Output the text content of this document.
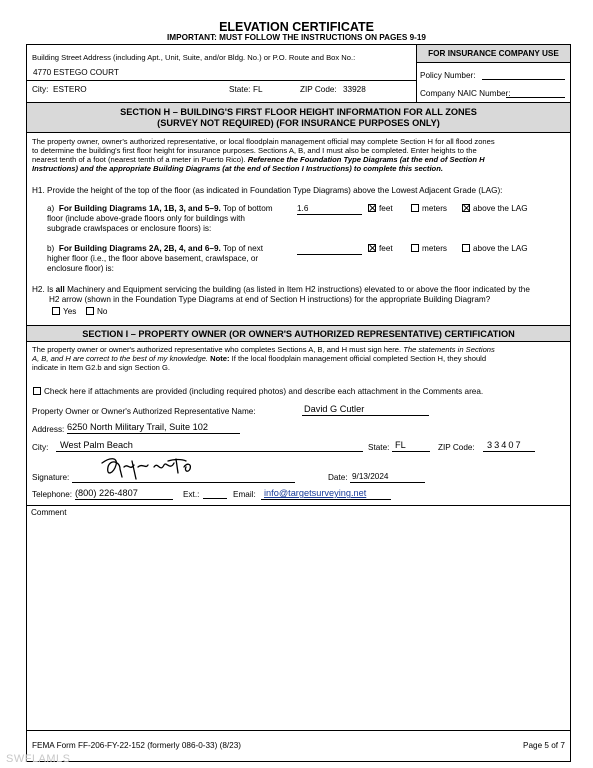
ELEVATION CERTIFICATE
IMPORTANT: MUST FOLLOW THE INSTRUCTIONS ON PAGES 9-19
Building Street Address (including Apt., Unit, Suite, and/or Bldg. No.) or P.O. Route and Box No.:
4770 ESTEGO COURT
City: ESTERO	State: FL	ZIP Code: 33928
FOR INSURANCE COMPANY USE
Policy Number:
Company NAIC Number:
SECTION H – BUILDING'S FIRST FLOOR HEIGHT INFORMATION FOR ALL ZONES
(SURVEY NOT REQUIRED) (FOR INSURANCE PURPOSES ONLY)
The property owner, owner's authorized representative, or local floodplain management official may complete Section H for all flood zones
to determine the building's first floor height for insurance purposes. Sections A, B, and I must also be completed. Enter heights to the
nearest tenth of a foot (nearest tenth of a meter in Puerto Rico). Reference the Foundation Type Diagrams (at the end of Section H
Instructions) and the appropriate Building Diagrams (at the end of Section I Instructions) to complete this section.
H1. Provide the height of the top of the floor (as indicated in Foundation Type Diagrams) above the Lowest Adjacent Grade (LAG):
a) For Building Diagrams 1A, 1B, 3, and 5–9. Top of bottom
floor (include above-grade floors only for buildings with
subgrade crawlspaces or enclosure floors) is:
1.6	feet	meters	above the LAG
b) For Building Diagrams 2A, 2B, 4, and 6–9. Top of next
higher floor (i.e., the floor above basement, crawlspace, or
enclosure floor) is:
feet	meters	above the LAG
H2. Is all Machinery and Equipment servicing the building (as listed in Item H2 instructions) elevated to or above the floor indicated by the
H2 arrow (shown in the Foundation Type Diagrams at end of Section H instructions) for the appropriate Building Diagram?
Yes	No
SECTION I – PROPERTY OWNER (OR OWNER'S AUTHORIZED REPRESENTATIVE) CERTIFICATION
The property owner or owner's authorized representative who completes Sections A, B, and H must sign here. The statements in Sections
A, B, and H are correct to the best of my knowledge. Note: If the local floodplain management official completed Section H, they should
indicate in Item G2.b and sign Section G.
Check here if attachments are provided (including required photos) and describe each attachment in the Comments area.
Property Owner or Owner's Authorized Representative Name:	David G Cutler
Address: 6250 North Military Trail, Suite 102
City:	West Palm Beach	State: FL	ZIP Code:	33407
Signature:	Date: 9/13/2024
Telephone: (800) 226-4807	Ext.:	Email: info@targetsurveying.net
Comment
FEMA Form FF-206-FY-22-152 (formerly 086-0-33) (8/23)	Page 5 of 7
SWFLAMLS
